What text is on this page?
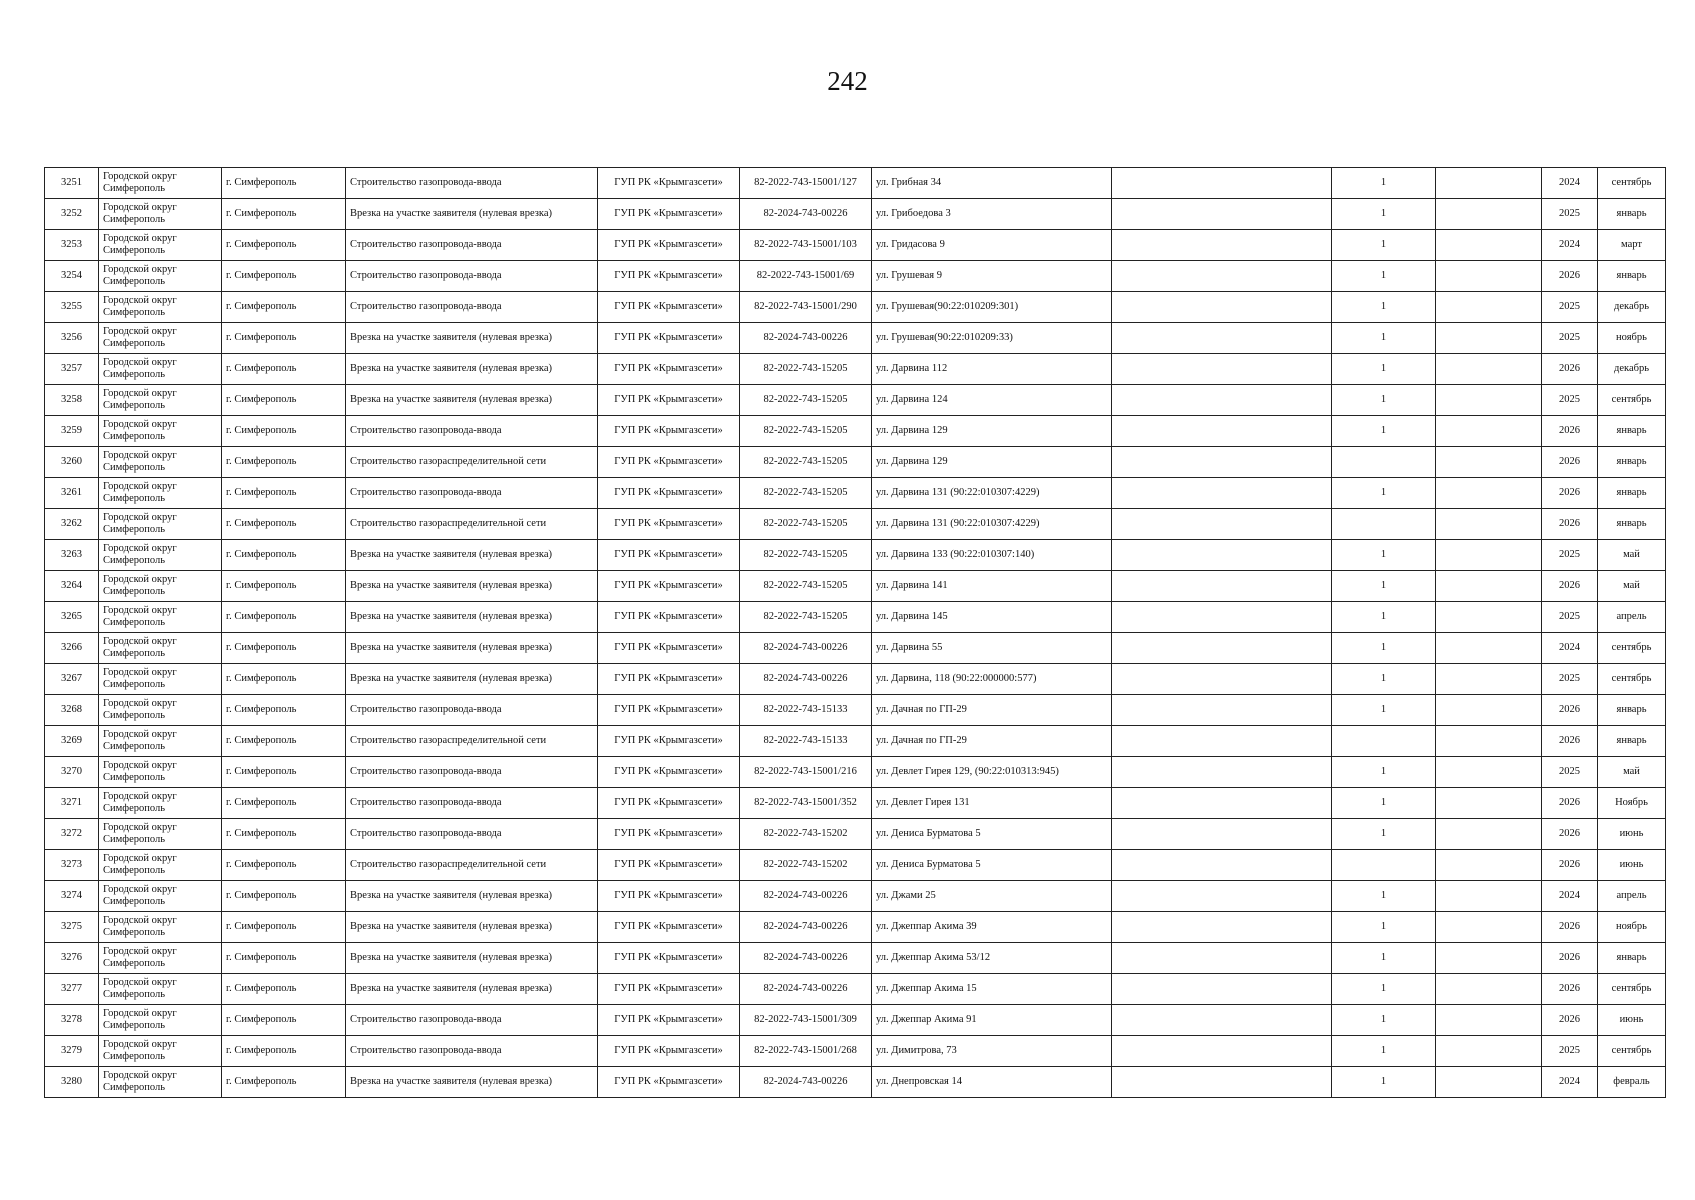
242
3251	Городской округ Симферополь	г. Симферополь	Строительство газопровода-ввода	ГУП РК «Крымгазсети»	82-2022-743-15001/127	ул. Грибная 34		1		2024	сентябрь
3252	Городской округ Симферополь	г. Симферополь	Врезка на участке заявителя (нулевая врезка)	ГУП РК «Крымгазсети»	82-2024-743-00226	ул. Грибоедова 3		1		2025	январь
3253	Городской округ Симферополь	г. Симферополь	Строительство газопровода-ввода	ГУП РК «Крымгазсети»	82-2022-743-15001/103	ул. Гридасова 9		1		2024	март
3254	Городской округ Симферополь	г. Симферополь	Строительство газопровода-ввода	ГУП РК «Крымгазсети»	82-2022-743-15001/69	ул. Грушевая 9		1		2026	январь
3255	Городской округ Симферополь	г. Симферополь	Строительство газопровода-ввода	ГУП РК «Крымгазсети»	82-2022-743-15001/290	ул. Грушевая(90:22:010209:301)		1		2025	декабрь
3256	Городской округ Симферополь	г. Симферополь	Врезка на участке заявителя (нулевая врезка)	ГУП РК «Крымгазсети»	82-2024-743-00226	ул. Грушевая(90:22:010209:33)		1		2025	ноябрь
3257	Городской округ Симферополь	г. Симферополь	Врезка на участке заявителя (нулевая врезка)	ГУП РК «Крымгазсети»	82-2022-743-15205	ул. Дарвина 112		1		2026	декабрь
3258	Городской округ Симферополь	г. Симферополь	Врезка на участке заявителя (нулевая врезка)	ГУП РК «Крымгазсети»	82-2022-743-15205	ул. Дарвина 124		1		2025	сентябрь
3259	Городской округ Симферополь	г. Симферополь	Строительство газопровода-ввода	ГУП РК «Крымгазсети»	82-2022-743-15205	ул. Дарвина 129		1		2026	январь
3260	Городской округ Симферополь	г. Симферополь	Строительство газораспределительной сети	ГУП РК «Крымгазсети»	82-2022-743-15205	ул. Дарвина 129				2026	январь
3261	Городской округ Симферополь	г. Симферополь	Строительство газопровода-ввода	ГУП РК «Крымгазсети»	82-2022-743-15205	ул. Дарвина 131 (90:22:010307:4229)		1		2026	январь
3262	Городской округ Симферополь	г. Симферополь	Строительство газораспределительной сети	ГУП РК «Крымгазсети»	82-2022-743-15205	ул. Дарвина 131 (90:22:010307:4229)				2026	январь
3263	Городской округ Симферополь	г. Симферополь	Врезка на участке заявителя (нулевая врезка)	ГУП РК «Крымгазсети»	82-2022-743-15205	ул. Дарвина 133 (90:22:010307:140)		1		2025	май
3264	Городской округ Симферополь	г. Симферополь	Врезка на участке заявителя (нулевая врезка)	ГУП РК «Крымгазсети»	82-2022-743-15205	ул. Дарвина 141		1		2026	май
3265	Городской округ Симферополь	г. Симферополь	Врезка на участке заявителя (нулевая врезка)	ГУП РК «Крымгазсети»	82-2022-743-15205	ул. Дарвина 145		1		2025	апрель
3266	Городской округ Симферополь	г. Симферополь	Врезка на участке заявителя (нулевая врезка)	ГУП РК «Крымгазсети»	82-2024-743-00226	ул. Дарвина 55		1		2024	сентябрь
3267	Городской округ Симферополь	г. Симферополь	Врезка на участке заявителя (нулевая врезка)	ГУП РК «Крымгазсети»	82-2024-743-00226	ул. Дарвина, 118 (90:22:000000:577)		1		2025	сентябрь
3268	Городской округ Симферополь	г. Симферополь	Строительство газопровода-ввода	ГУП РК «Крымгазсети»	82-2022-743-15133	ул. Дачная по ГП-29		1		2026	январь
3269	Городской округ Симферополь	г. Симферополь	Строительство газораспределительной сети	ГУП РК «Крымгазсети»	82-2022-743-15133	ул. Дачная по ГП-29				2026	январь
3270	Городской округ Симферополь	г. Симферополь	Строительство газопровода-ввода	ГУП РК «Крымгазсети»	82-2022-743-15001/216	ул. Девлет Гирея 129, (90:22:010313:945)		1		2025	май
3271	Городской округ Симферополь	г. Симферополь	Строительство газопровода-ввода	ГУП РК «Крымгазсети»	82-2022-743-15001/352	ул. Девлет Гирея 131		1		2026	Ноябрь
3272	Городской округ Симферополь	г. Симферополь	Строительство газопровода-ввода	ГУП РК «Крымгазсети»	82-2022-743-15202	ул. Дениса Бурматова 5		1		2026	июнь
3273	Городской округ Симферополь	г. Симферополь	Строительство газораспределительной сети	ГУП РК «Крымгазсети»	82-2022-743-15202	ул. Дениса Бурматова 5				2026	июнь
3274	Городской округ Симферополь	г. Симферополь	Врезка на участке заявителя (нулевая врезка)	ГУП РК «Крымгазсети»	82-2024-743-00226	ул. Джами 25		1		2024	апрель
3275	Городской округ Симферополь	г. Симферополь	Врезка на участке заявителя (нулевая врезка)	ГУП РК «Крымгазсети»	82-2024-743-00226	ул. Джеппар Акима 39		1		2026	ноябрь
3276	Городской округ Симферополь	г. Симферополь	Врезка на участке заявителя (нулевая врезка)	ГУП РК «Крымгазсети»	82-2024-743-00226	ул. Джеппар Акима 53/12		1		2026	январь
3277	Городской округ Симферополь	г. Симферополь	Врезка на участке заявителя (нулевая врезка)	ГУП РК «Крымгазсети»	82-2024-743-00226	ул. Джеппар Акима 15		1		2026	сентябрь
3278	Городской округ Симферополь	г. Симферополь	Строительство газопровода-ввода	ГУП РК «Крымгазсети»	82-2022-743-15001/309	ул. Джеппар Акима 91		1		2026	июнь
3279	Городской округ Симферополь	г. Симферополь	Строительство газопровода-ввода	ГУП РК «Крымгазсети»	82-2022-743-15001/268	ул. Димитрова, 73		1		2025	сентябрь
3280	Городской округ Симферополь	г. Симферополь	Врезка на участке заявителя (нулевая врезка)	ГУП РК «Крымгазсети»	82-2024-743-00226	ул. Днепровская 14		1		2024	февраль
